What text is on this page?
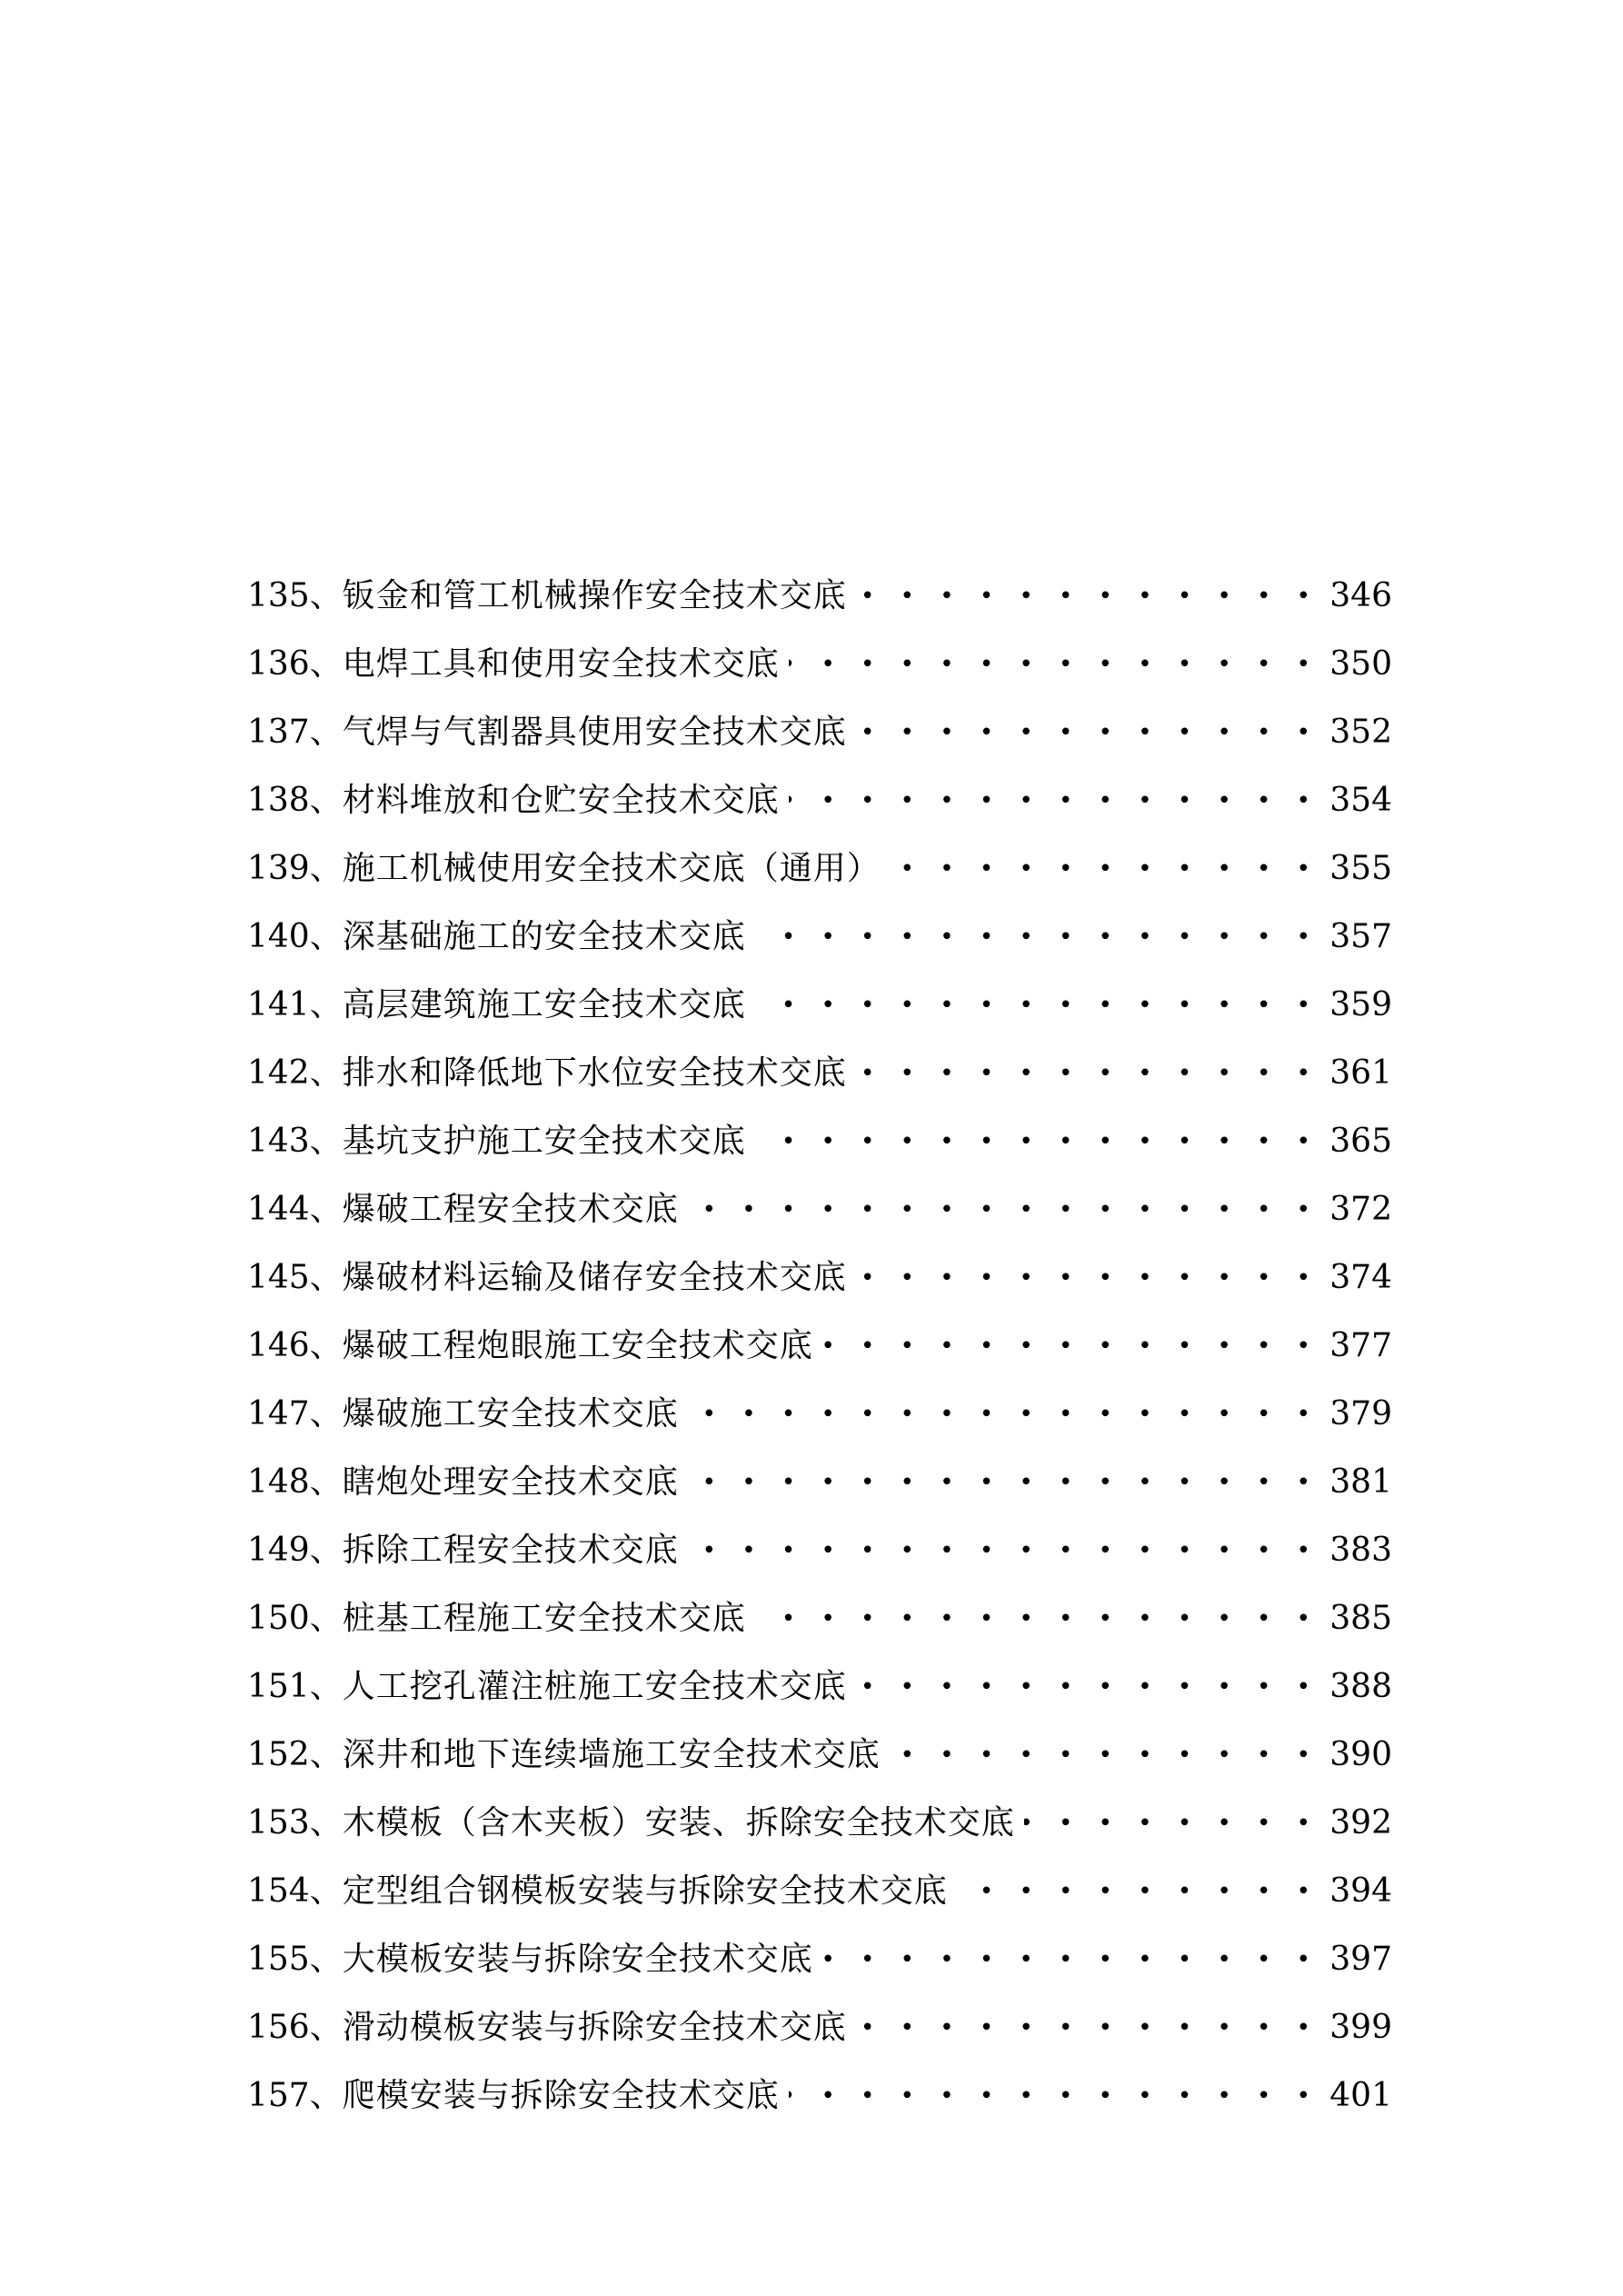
135 、 钣金和管工机械操作安全技术交底 • • •	346
136 、 电焊工具和使用安全技术交底 • • •	350
137 、 气焊与气割器具使用安全技术交底 • • •	352
138 、 材料堆放和仓贮安全技术交底 • • •	354
139 、 施工机械使用安全技术交底（通用） • • •	355
140 、 深基础施工的安全技术交底 • • •	357
141 、 高层建筑施工安全技术交底 • • •	359
142 、 排水和降低地下水位安全技术交底 • • •	361
143 、 基坑支护施工安全技术交底 • • •	365
144 、 爆破工程安全技术交底 • • •	372
145 、 爆破材料运输及储存安全技术交底 • • •	374
146 、 爆破工程炮眼施工安全技术交底 • • •	377
147 、 爆破施工安全技术交底 • • •	379
148 、 瞎炮处理安全技术交底 • • •	381
149 、 拆除工程安全技术交底 • • •	383
150 、 桩基工程施工安全技术交底 • • •	385
151 、 人工挖孔灌注桩施工安全技术交底 • • •	388
152 、 深井和地下连续墙施工安全技术交底 • • •	390
153 、 木模板（含木夹板）安装、拆除安全技术交底 • • •	392
154 、 定型组合钢模板安装与拆除安全技术交底 • • •	394
155 、 大模板安装与拆除安全技术交底 • • •	397
156 、 滑动模板安装与拆除安全技术交底 • • •	399
157 、 爬模安装与拆除安全技术交底 • • •	401
